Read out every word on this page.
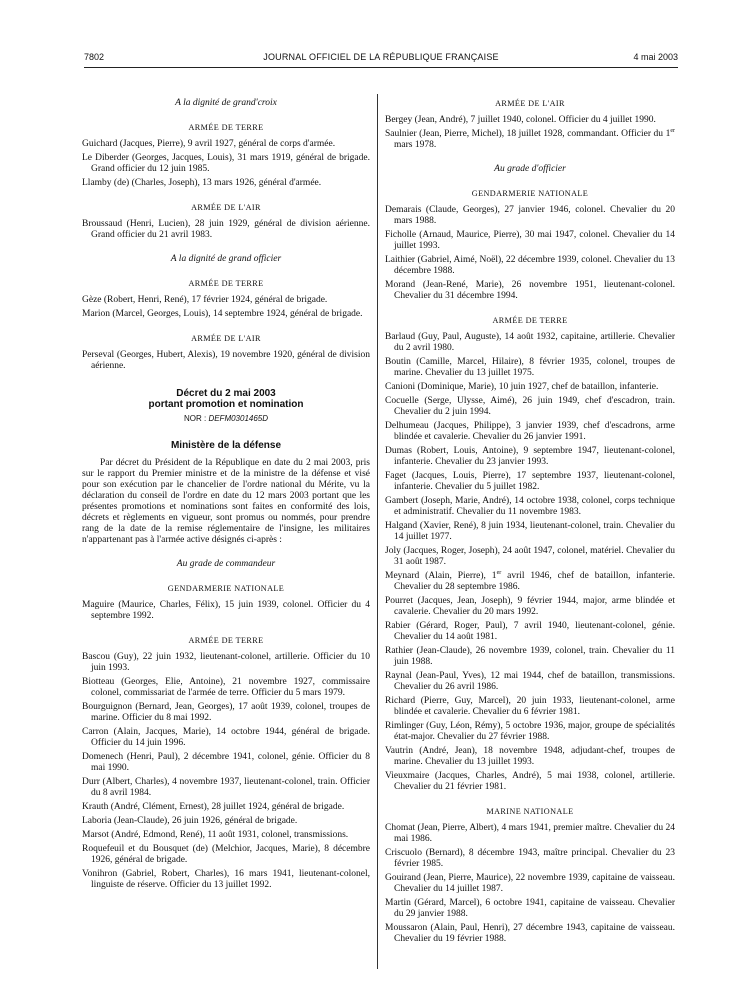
7802	JOURNAL OFFICIEL DE LA RÉPUBLIQUE FRANÇAISE	4 mai 2003
A la dignité de grand'croix
ARMÉE DE TERRE

Guichard (Jacques, Pierre), 9 avril 1927, général de corps d'armée.

Le Diberder (Georges, Jacques, Louis), 31 mars 1919, général de brigade. Grand officier du 12 juin 1985.

Llamby (de) (Charles, Joseph), 13 mars 1926, général d'armée.

ARMÉE DE L'AIR

Broussaud (Henri, Lucien), 28 juin 1929, général de division aérienne. Grand officier du 21 avril 1983.

A la dignité de grand officier
ARMÉE DE TERRE

Gèze (Robert, Henri, René), 17 février 1924, général de brigade.

Marion (Marcel, Georges, Louis), 14 septembre 1924, général de brigade.

ARMÉE DE L'AIR

Perseval (Georges, Hubert, Alexis), 19 novembre 1920, général de division aérienne.

Décret du 2 mai 2003
portant promotion et nomination
NOR : DEFM0301465D
Ministère de la défense

Par décret du Président de la République en date du 2 mai 2003, pris sur le rapport du Premier ministre et de la ministre de la défense et visé pour son exécution par le chancelier de l'ordre national du Mérite, vu la déclaration du conseil de l'ordre en date du 12 mars 2003 portant que les présentes promotions et nominations sont faites en conformité des lois, décrets et règlements en vigueur, sont promus ou nommés, pour prendre rang de la date de la remise réglementaire de l'insigne, les militaires n'appartenant pas à l'armée active désignés ci-après :

Au grade de commandeur
GENDARMERIE NATIONALE

Maguire (Maurice, Charles, Félix), 15 juin 1939, colonel. Officier du 4 septembre 1992.

ARMÉE DE TERRE

Bascou (Guy), 22 juin 1932, lieutenant-colonel, artillerie. Officier du 10 juin 1993.

Biotteau (Georges, Elie, Antoine), 21 novembre 1927, commissaire colonel, commissariat de l'armée de terre. Officier du 5 mars 1979.

Bourguignon (Bernard, Jean, Georges), 17 août 1939, colonel, troupes de marine. Officier du 8 mai 1992.

Carron (Alain, Jacques, Marie), 14 octobre 1944, général de brigade. Officier du 14 juin 1996.

Domenech (Henri, Paul), 2 décembre 1941, colonel, génie. Officier du 8 mai 1990.

Durr (Albert, Charles), 4 novembre 1937, lieutenant-colonel, train. Officier du 8 avril 1984.

Krauth (André, Clément, Ernest), 28 juillet 1924, général de brigade.

Laboria (Jean-Claude), 26 juin 1926, général de brigade.

Marsot (André, Edmond, René), 11 août 1931, colonel, transmissions.

Roquefeuil et du Bousquet (de) (Melchior, Jacques, Marie), 8 décembre 1926, général de brigade.

Vonihron (Gabriel, Robert, Charles), 16 mars 1941, lieutenant-colonel, linguiste de réserve. Officier du 13 juillet 1992.

ARMÉE DE L'AIR

Bergey (Jean, André), 7 juillet 1940, colonel. Officier du 4 juillet 1990.

Saulnier (Jean, Pierre, Michel), 18 juillet 1928, commandant. Officier du 1er mars 1978.

Au grade d'officier
GENDARMERIE NATIONALE

Demarais (Claude, Georges), 27 janvier 1946, colonel. Chevalier du 20 mars 1988.

Ficholle (Arnaud, Maurice, Pierre), 30 mai 1947, colonel. Chevalier du 14 juillet 1993.

Laithier (Gabriel, Aimé, Noël), 22 décembre 1939, colonel. Chevalier du 13 décembre 1988.

Morand (Jean-René, Marie), 26 novembre 1951, lieutenant-colonel. Chevalier du 31 décembre 1994.

ARMÉE DE TERRE

Barlaud (Guy, Paul, Auguste), 14 août 1932, capitaine, artillerie. Chevalier du 2 avril 1980.

Boutin (Camille, Marcel, Hilaire), 8 février 1935, colonel, troupes de marine. Chevalier du 13 juillet 1975.

Canioni (Dominique, Marie), 10 juin 1927, chef de bataillon, infanterie.

Cocuelle (Serge, Ulysse, Aimé), 26 juin 1949, chef d'escadron, train. Chevalier du 2 juin 1994.

Delhumeau (Jacques, Philippe), 3 janvier 1939, chef d'escadrons, arme blindée et cavalerie. Chevalier du 26 janvier 1991.

Dumas (Robert, Louis, Antoine), 9 septembre 1947, lieutenant-colonel, infanterie. Chevalier du 23 janvier 1993.

Faget (Jacques, Louis, Pierre), 17 septembre 1937, lieutenant-colonel, infanterie. Chevalier du 5 juillet 1982.

Gambert (Joseph, Marie, André), 14 octobre 1938, colonel, corps technique et administratif. Chevalier du 11 novembre 1983.

Halgand (Xavier, René), 8 juin 1934, lieutenant-colonel, train. Chevalier du 14 juillet 1977.

Joly (Jacques, Roger, Joseph), 24 août 1947, colonel, matériel. Chevalier du 31 août 1987.

Meynard (Alain, Pierre), 1er avril 1946, chef de bataillon, infanterie. Chevalier du 28 septembre 1986.

Pourret (Jacques, Jean, Joseph), 9 février 1944, major, arme blindée et cavalerie. Chevalier du 20 mars 1992.

Rabier (Gérard, Roger, Paul), 7 avril 1940, lieutenant-colonel, génie. Chevalier du 14 août 1981.

Rathier (Jean-Claude), 26 novembre 1939, colonel, train. Chevalier du 11 juin 1988.

Raynal (Jean-Paul, Yves), 12 mai 1944, chef de bataillon, transmissions. Chevalier du 26 avril 1986.

Richard (Pierre, Guy, Marcel), 20 juin 1933, lieutenant-colonel, arme blindée et cavalerie. Chevalier du 6 février 1981.

Rimlinger (Guy, Léon, Rémy), 5 octobre 1936, major, groupe de spécialités état-major. Chevalier du 27 février 1988.

Vautrin (André, Jean), 18 novembre 1948, adjudant-chef, troupes de marine. Chevalier du 13 juillet 1993.

Vieuxmaire (Jacques, Charles, André), 5 mai 1938, colonel, artillerie. Chevalier du 21 février 1981.

MARINE NATIONALE

Chomat (Jean, Pierre, Albert), 4 mars 1941, premier maître. Chevalier du 24 mai 1986.

Criscuolo (Bernard), 8 décembre 1943, maître principal. Chevalier du 23 février 1985.

Gouirand (Jean, Pierre, Maurice), 22 novembre 1939, capitaine de vaisseau. Chevalier du 14 juillet 1987.

Martin (Gérard, Marcel), 6 octobre 1941, capitaine de vaisseau. Chevalier du 29 janvier 1988.

Moussaron (Alain, Paul, Henri), 27 décembre 1943, capitaine de vaisseau. Chevalier du 19 février 1988.
